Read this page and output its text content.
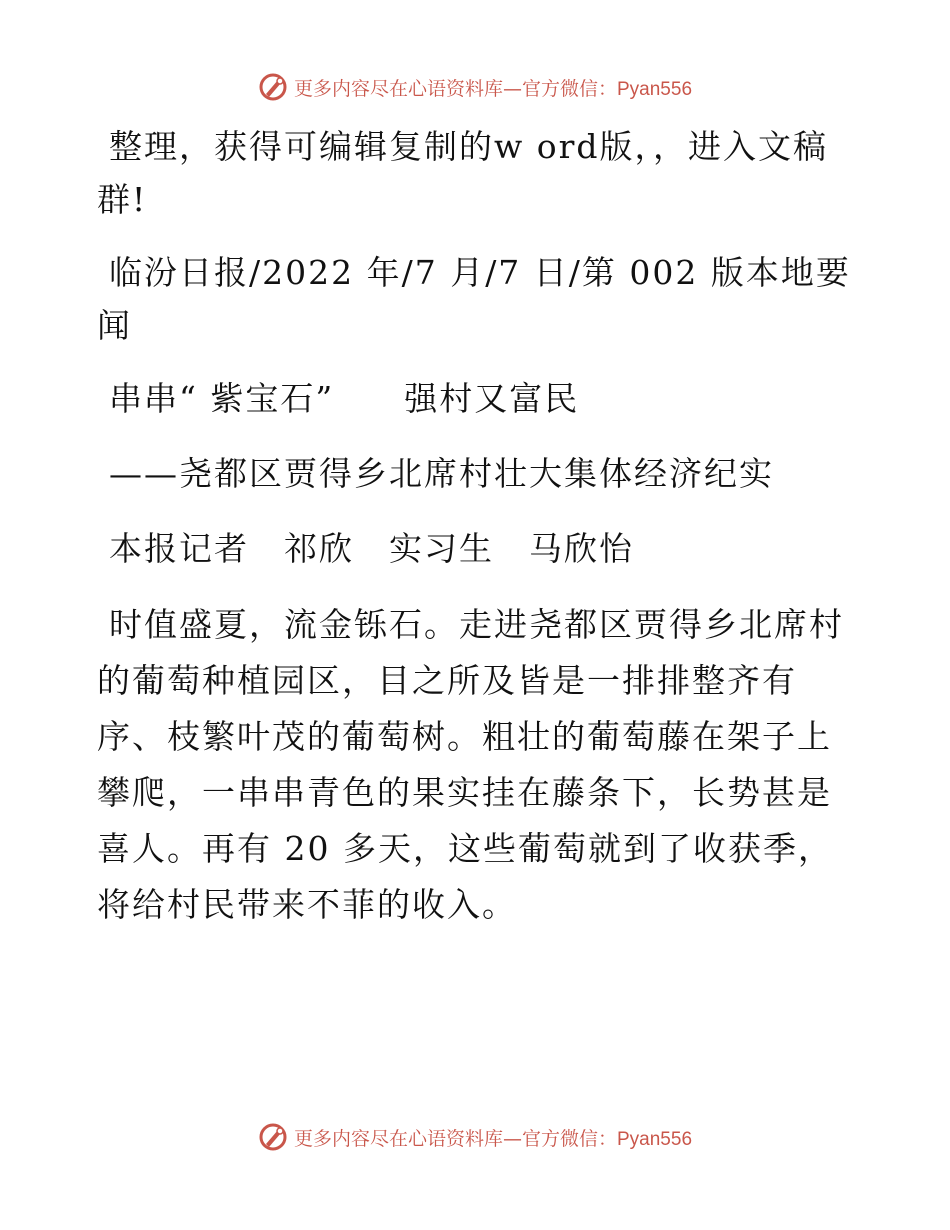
更多内容尽在心语资料库—官方微信：Pyan556

整理，获得可编辑复制的w ord版，，进入文稿群!

临汾日报/2022 年/7 月/7 日/第 002 版本地要闻

串串“ 紫宝石”　　强村又富民

——尧都区贾得乡北席村壮大集体经济纪实

本报记者　祁欣　实习生　马欣怡

时值盛夏，流金铄石。走进尧都区贾得乡北席村的葡萄种植园区，目之所及皆是一排排整齐有序、枝繁叶茂的葡萄树。粗壮的葡萄藤在架子上攀爬，一串串青色的果实挂在藤条下，长势甚是喜人。再有 20 多天，这些葡萄就到了收获季，将给村民带来不菲的收入。

更多内容尽在心语资料库—官方微信：Pyan556
